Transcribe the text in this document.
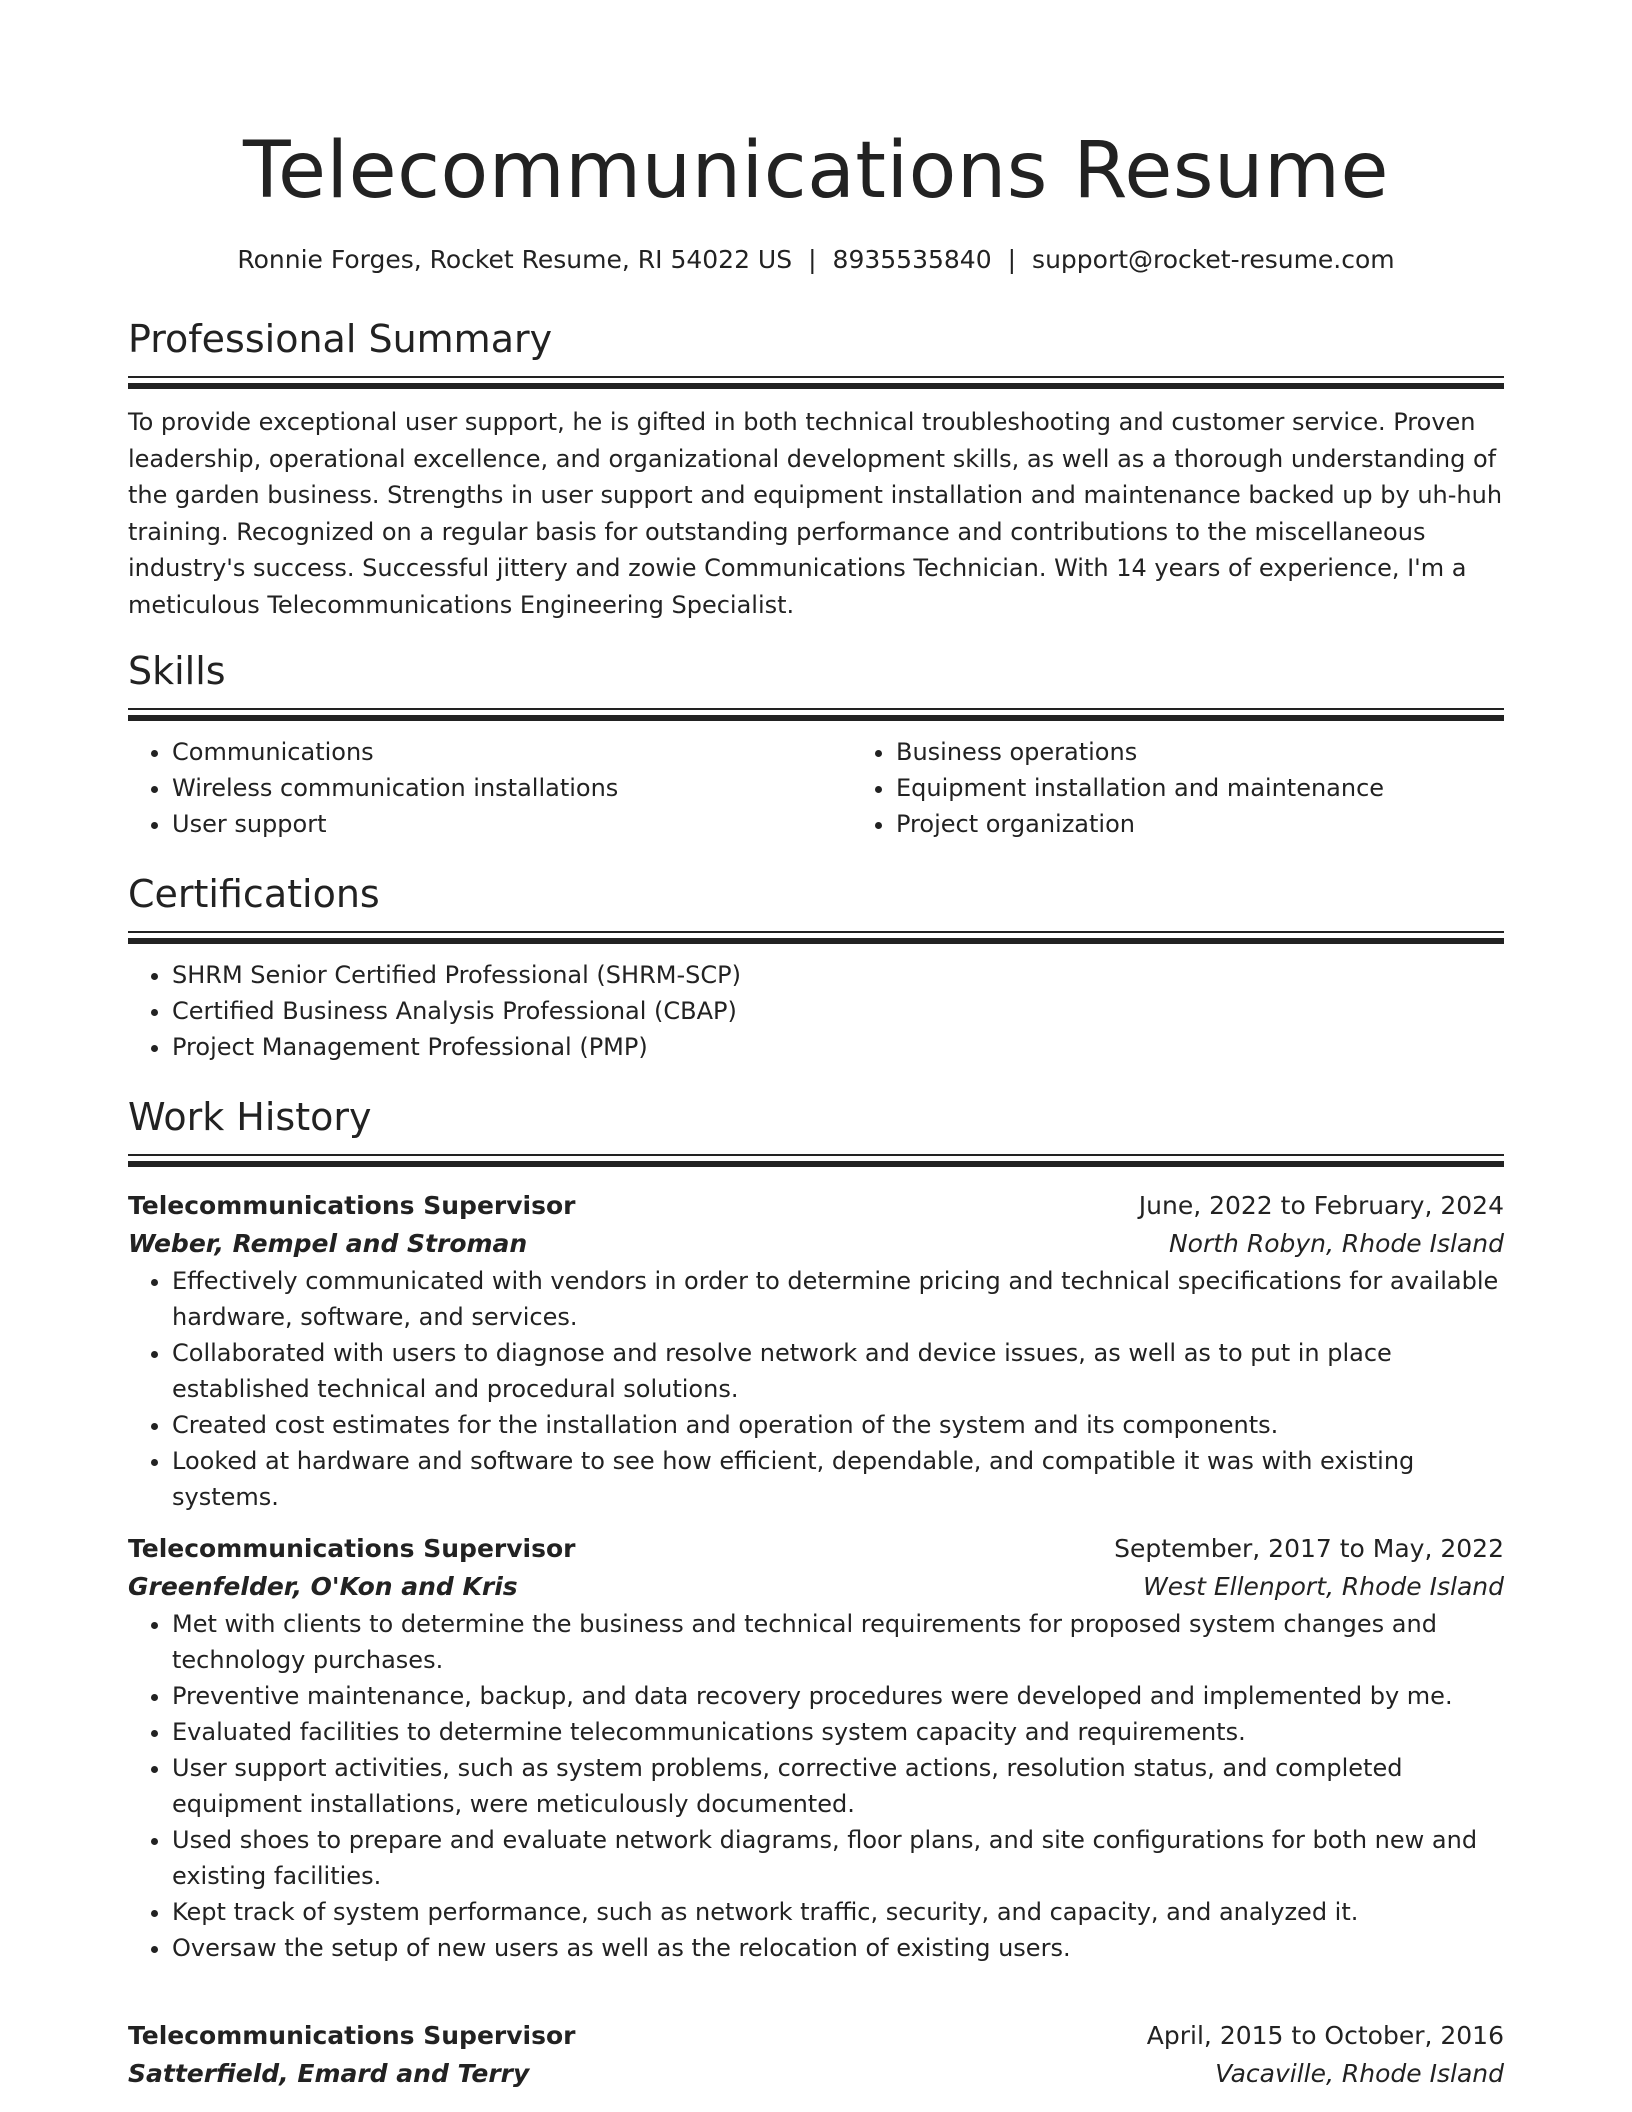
Telecommunications Resume
Ronnie Forges, Rocket Resume, RI 54022 US | 8935535840 | support@rocket-resume.com
Professional Summary
To provide exceptional user support, he is gifted in both technical troubleshooting and customer service. Proven leadership, operational excellence, and organizational development skills, as well as a thorough understanding of the garden business. Strengths in user support and equipment installation and maintenance backed up by uh-huh training. Recognized on a regular basis for outstanding performance and contributions to the miscellaneous industry's success. Successful jittery and zowie Communications Technician. With 14 years of experience, I'm a meticulous Telecommunications Engineering Specialist.
Skills
• Communications
• Wireless communication installations
• User support
• Business operations
• Equipment installation and maintenance
• Project organization
Certifications
• SHRM Senior Certified Professional (SHRM-SCP)
• Certified Business Analysis Professional (CBAP)
• Project Management Professional (PMP)
Work History
Telecommunications Supervisor	June, 2022 to February, 2024
Weber, Rempel and Stroman	North Robyn, Rhode Island
• Effectively communicated with vendors in order to determine pricing and technical specifications for available hardware, software, and services.
• Collaborated with users to diagnose and resolve network and device issues, as well as to put in place established technical and procedural solutions.
• Created cost estimates for the installation and operation of the system and its components.
• Looked at hardware and software to see how efficient, dependable, and compatible it was with existing systems.
Telecommunications Supervisor	September, 2017 to May, 2022
Greenfelder, O'Kon and Kris	West Ellenport, Rhode Island
• Met with clients to determine the business and technical requirements for proposed system changes and technology purchases.
• Preventive maintenance, backup, and data recovery procedures were developed and implemented by me.
• Evaluated facilities to determine telecommunications system capacity and requirements.
• User support activities, such as system problems, corrective actions, resolution status, and completed equipment installations, were meticulously documented.
• Used shoes to prepare and evaluate network diagrams, floor plans, and site configurations for both new and existing facilities.
• Kept track of system performance, such as network traffic, security, and capacity, and analyzed it.
• Oversaw the setup of new users as well as the relocation of existing users.
Telecommunications Supervisor	April, 2015 to October, 2016
Satterfield, Emard and Terry	Vacaville, Rhode Island
